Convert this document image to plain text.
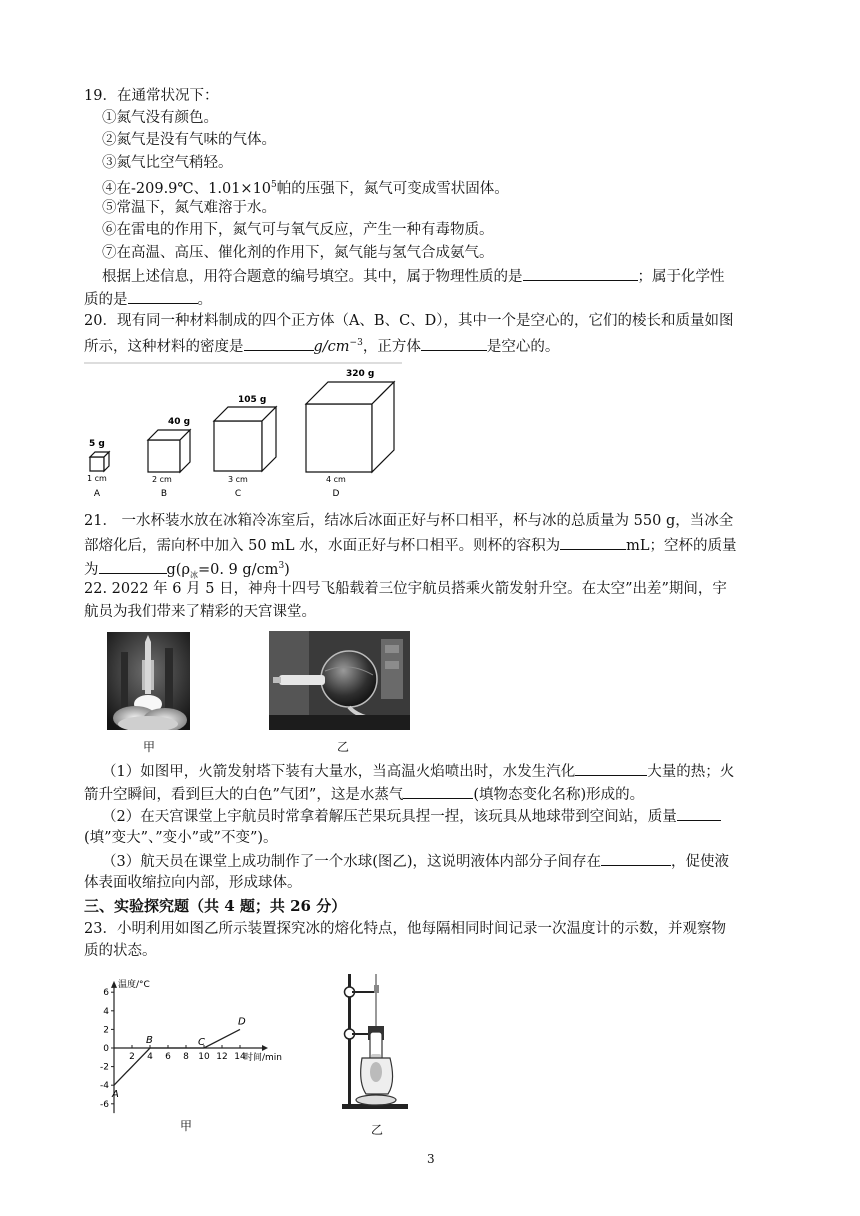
19．在通常状况下：
①氮气没有颜色。
②氮气是没有气味的气体。
③氮气比空气稍轻。
④在-209.9℃、$1.01\times 10^5$帕的压强下，氮气可变成雪状固体。
⑤常温下，氮气难溶于水。
⑥在雷电的作用下，氮气可与氧气反应，产生一种有毒物质。
⑦在高温、高压、催化剂的作用下，氮气能与氢气合成氨气。
根据上述信息，用符合题意的编号填空。其中，属于物理性质的是	；属于化学性
质的是	。
20．现有同一种材料制成的四个正方体（A、B、C、D），其中一个是空心的，它们的棱长和质量如图
所示，这种材料的密度是	$g/cm^{-3}$，正方体	是空心的。
5 g
1 cm
A
40 g
2 cm
B
105 g
3 cm
C
320 g
4 cm
D
21． 一水杯装水放在冰箱冷冻室后，结冰后冰面正好与杯口相平，杯与冰的总质量为 550 g，当冰全
部熔化后，需向杯中加入 50 mL 水，水面正好与杯口相平。则杯的容积为	mL；空杯的质量
为	$g(\rho_冰=0$. 9 $g/cm^3$)
22. 2022 年 6 月 5 日，神舟十四号飞船载着三位宇航员搭乘火箭发射升空。在太空”出差”期间，宇
航员为我们带来了精彩的天宫课堂。
甲	乙
（1）如图甲，火箭发射塔下装有大量水，当高温火焰喷出时，水发生汽化	大量的热；火
箭升空瞬间，看到巨大的白色”气团”，这是水蒸气	(填物态变化名称)形成的。
（2）在天宫课堂上宇航员时常拿着解压芒果玩具捏一捏，该玩具从地球带到空间站，质量
(填”变大”、”变小”或”不变”)。
（3）航天员在课堂上成功制作了一个水球(图乙)，这说明液体内部分子间存在	，促使液
体表面收缩拉向内部，形成球体。
三、实验探究题（共 4 题；共 26 分）
23．小明利用如图乙所示装置探究冰的熔化特点，他每隔相同时间记录一次温度计的示数，并观察物
质的状态。
温度/°C
时间/min
6
4
2
0
-2
-4
-6
2 4 6 8 10 12 14
A
B	C
D
甲	乙
3
